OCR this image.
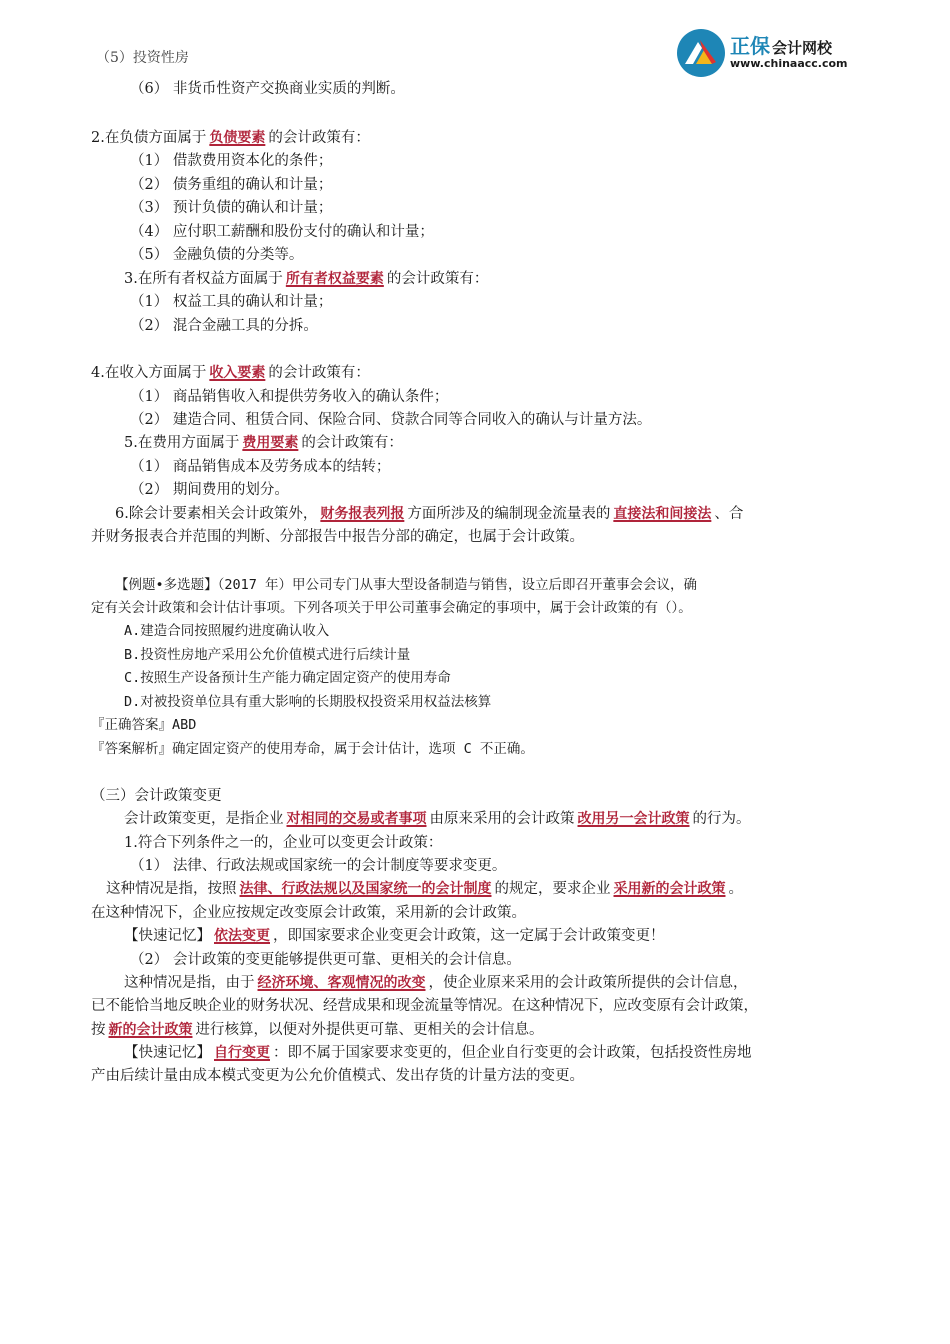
正保 会计网校
www.chinaacc.com
（5）投资性房
（6） 非货币性资产交换商业实质的判断。
2.在负债方面属于 负债要素 的会计政策有：
（1） 借款费用资本化的条件；
（2） 债务重组的确认和计量；
（3） 预计负债的确认和计量；
（4） 应付职工薪酬和股份支付的确认和计量；
（5） 金融负债的分类等。
3.在所有者权益方面属于 所有者权益要素 的会计政策有：
（1） 权益工具的确认和计量；
（2） 混合金融工具的分拆。
4.在收入方面属于 收入要素 的会计政策有：
（1） 商品销售收入和提供劳务收入的确认条件；
（2） 建造合同、租赁合同、保险合同、贷款合同等合同收入的确认与计量方法。
5.在费用方面属于 费用要素 的会计政策有：
（1） 商品销售成本及劳务成本的结转；
（2） 期间费用的划分。
6.除会计要素相关会计政策外， 财务报表列报 方面所涉及的编制现金流量表的 直接法和间接法 、合
并财务报表合并范围的判断、分部报告中报告分部的确定，也属于会计政策。
【例题•多选题】（2017 年）甲公司专门从事大型设备制造与销售，设立后即召开董事会会议，确
定有关会计政策和会计估计事项。下列各项关于甲公司董事会确定的事项中，属于会计政策的有（）。
A.建造合同按照履约进度确认收入
B.投资性房地产采用公允价值模式进行后续计量
C.按照生产设备预计生产能力确定固定资产的使用寿命
D.对被投资单位具有重大影响的长期股权投资采用权益法核算
『正确答案』ABD
『答案解析』确定固定资产的使用寿命，属于会计估计，选项 C 不正确。
（三）会计政策变更
会计政策变更，是指企业 对相同的交易或者事项 由原来采用的会计政策 改用另一会计政策 的行为。
1.符合下列条件之一的，企业可以变更会计政策：
（1） 法律、行政法规或国家统一的会计制度等要求变更。
这种情况是指，按照 法律、行政法规以及国家统一的会计制度 的规定，要求企业 采用新的会计政策 。
在这种情况下，企业应按规定改变原会计政策，采用新的会计政策。
【快速记忆】 依法变更 ，即国家要求企业变更会计政策，这一定属于会计政策变更！
（2） 会计政策的变更能够提供更可靠、更相关的会计信息。
这种情况是指，由于 经济环境、客观情况的改变 ，使企业原来采用的会计政策所提供的会计信息，
已不能恰当地反映企业的财务状况、经营成果和现金流量等情况。在这种情况下，应改变原有会计政策，
按 新的会计政策 进行核算，以便对外提供更可靠、更相关的会计信息。
【快速记忆】 自行变更 ：即不属于国家要求变更的，但企业自行变更的会计政策，包括投资性房地
产由后续计量由成本模式变更为公允价值模式、发出存货的计量方法的变更。
